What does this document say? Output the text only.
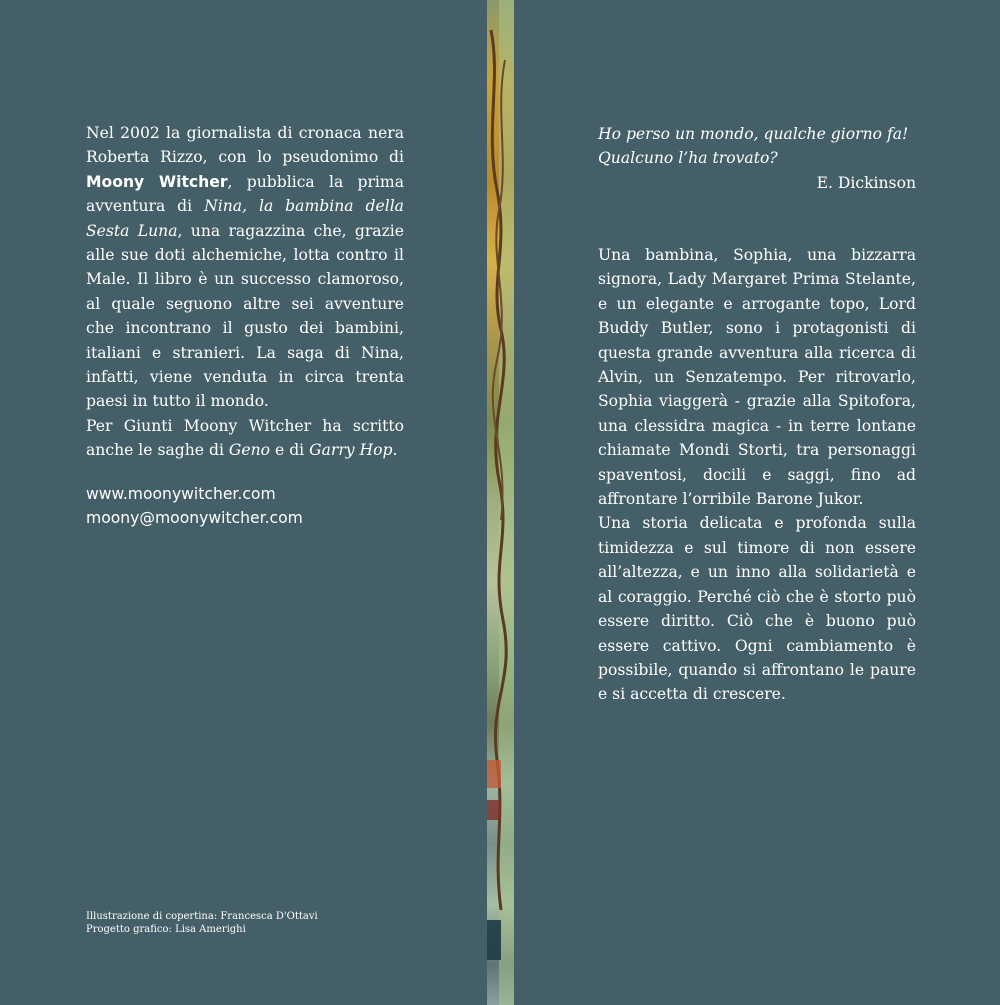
Nel 2002 la giornalista di cronaca nera Roberta Rizzo, con lo pseudonimo di Moony Witcher, pubblica la prima avventura di Nina, la bambina della Sesta Luna, una ragazzina che, grazie alle sue doti alchemiche, lotta contro il Male. Il libro è un successo clamoroso, al quale seguono altre sei avventure che incontrano il gusto dei bambini, italiani e stranieri. La saga di Nina, infatti, viene venduta in circa trenta paesi in tutto il mondo.

Per Giunti Moony Witcher ha scritto anche le saghe di Geno e di Garry Hop.

www.moonywitcher.com
moony@moonywitcher.com
Illustrazione di copertina: Francesca D'Ottavi
Progetto grafico: Lisa Amerighi
Ho perso un mondo, qualche giorno fa!
Qualcuno l’ha trovato?
E. Dickinson

Una bambina, Sophia, una bizzarra signora, Lady Margaret Prima Stelante, e un elegante e arrogante topo, Lord Buddy Butler, sono i protagonisti di questa grande avventura alla ricerca di Alvin, un Senzatempo. Per ritrovarlo, Sophia viaggerà - grazie alla Spitofora, una clessidra magica - in terre lontane chiamate Mondi Storti, tra personaggi spaventosi, docili e saggi, fino ad affrontare l’orribile Barone Jukor.

Una storia delicata e profonda sulla timidezza e sul timore di non essere all’altezza, e un inno alla solidarietà e al coraggio. Perché ciò che è storto può essere diritto. Ciò che è buono può essere cattivo. Ogni cambiamento è possibile, quando si affrontano le paure e si accetta di crescere.
